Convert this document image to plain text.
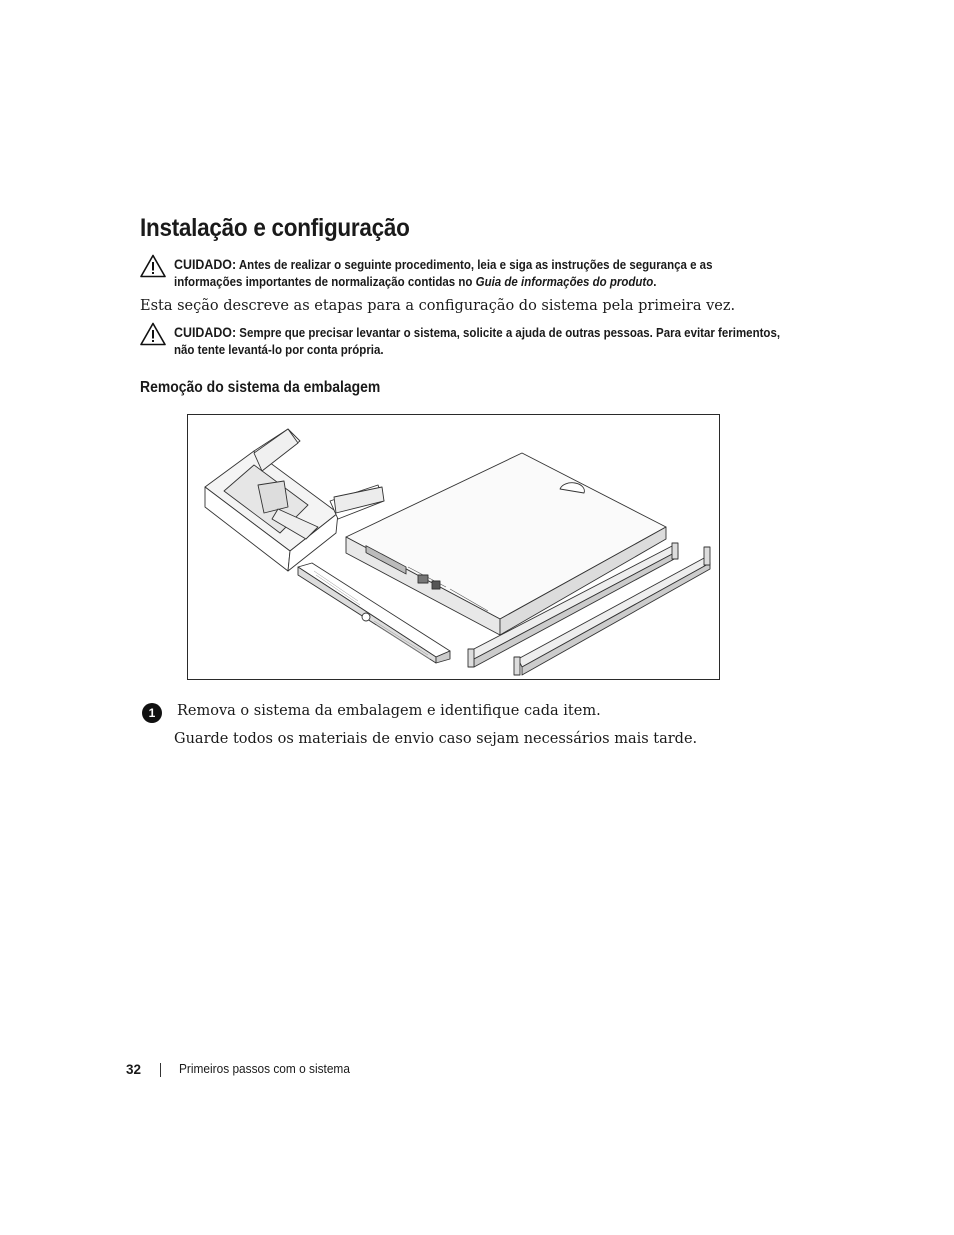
Instalação e configuração
CUIDADO: Antes de realizar o seguinte procedimento, leia e siga as instruções de segurança e as informações importantes de normalização contidas no Guia de informações do produto.
Esta seção descreve as etapas para a configuração do sistema pela primeira vez.
CUIDADO: Sempre que precisar levantar o sistema, solicite a ajuda de outras pessoas. Para evitar ferimentos, não tente levantá-lo por conta própria.
Remoção do sistema da embalagem
1	Remova o sistema da embalagem e identifique cada item.
Guarde todos os materiais de envio caso sejam necessários mais tarde.
32	Primeiros passos com o sistema
